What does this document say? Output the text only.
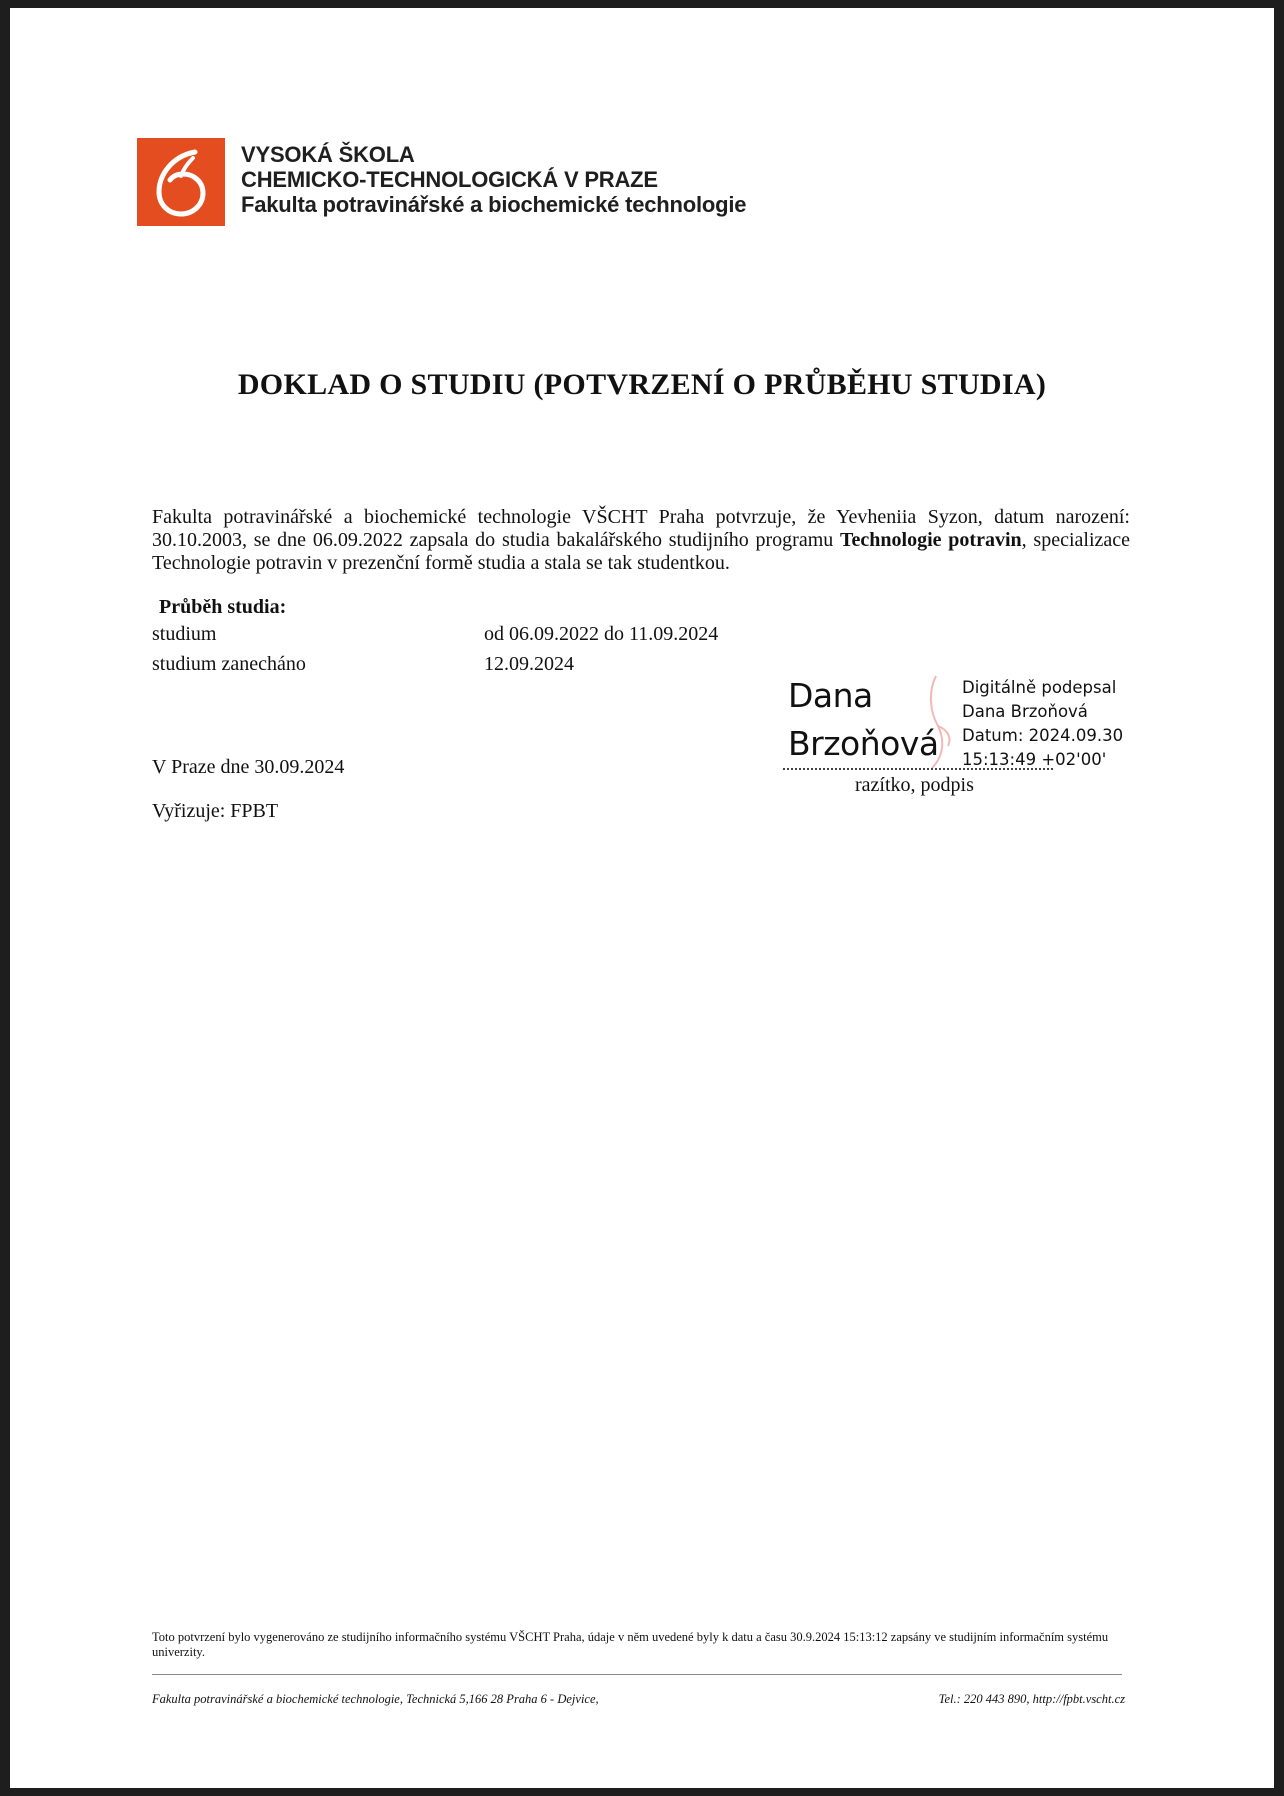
VYSOKÁ ŠKOLA
CHEMICKO-TECHNOLOGICKÁ V PRAZE
Fakulta potravinářské a biochemické technologie
DOKLAD O STUDIU (POTVRZENÍ O PRŮBĚHU STUDIA)
Fakulta potravinářské a biochemické technologie VŠCHT Praha potvrzuje, že Yevheniia Syzon, datum narození: 30.10.2003, se dne 06.09.2022 zapsala do studia bakalářského studijního programu Technologie potravin, specializace Technologie potravin v prezenční formě studia a stala se tak studentkou.
Průběh studia:
studium	od 06.09.2022 do 11.09.2024
studium zanecháno	12.09.2024
Dana
Brzoňová
Digitálně podepsal
Dana Brzoňová
Datum: 2024.09.30
15:13:49 +02'00'
razítko, podpis
V Praze dne 30.09.2024
Vyřizuje: FPBT
Toto potvrzení bylo vygenerováno ze studijního informačního systému VŠCHT Praha, údaje v něm uvedené byly k datu a času 30.9.2024 15:13:12 zapsány ve studijním informačním systému univerzity.
Fakulta potravinářské a biochemické technologie, Technická 5,166 28 Praha 6 - Dejvice,	Tel.: 220 443 890, http://fpbt.vscht.cz
